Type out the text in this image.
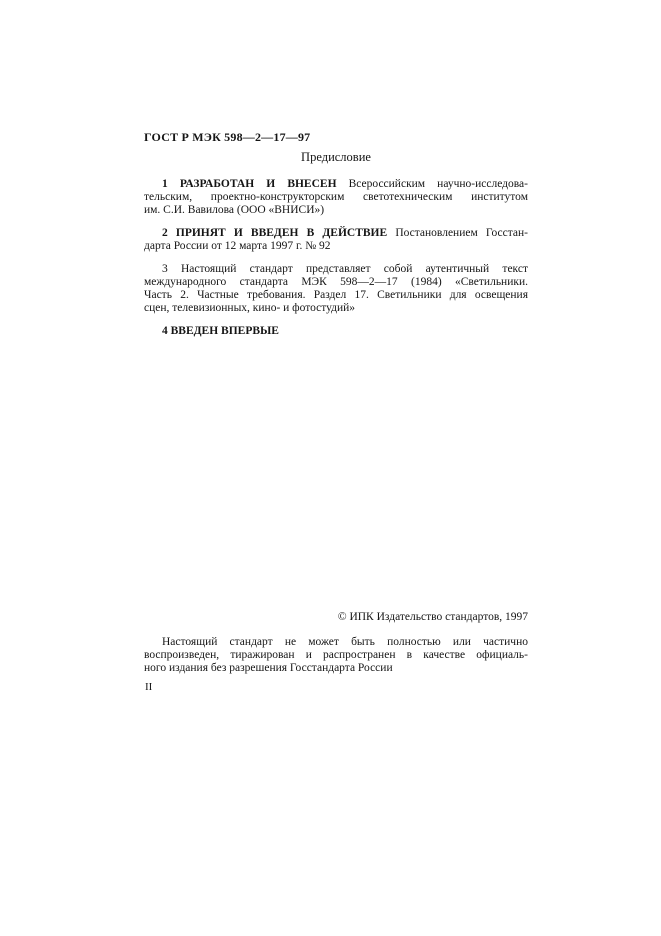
ГОСТ Р МЭК 598—2—17—97
Предисловие

1 РАЗРАБОТАН И ВНЕСЕН Всероссийским научно-исследова-
тельским, проектно-конструкторским светотехническим институтом
им. С.И. Вавилова (ООО «ВНИСИ»)

2 ПРИНЯТ И ВВЕДЕН В ДЕЙСТВИЕ Постановлением Госстан-
дарта России от 12 марта 1997 г. № 92

3 Настоящий стандарт представляет собой аутентичный текст
международного стандарта МЭК 598—2—17 (1984) «Светильники.
Часть 2. Частные требования. Раздел 17. Светильники для освещения
сцен, телевизионных, кино- и фотостудий»

4 ВВЕДЕН ВПЕРВЫЕ

© ИПК Издательство стандартов, 1997
Настоящий стандарт не может быть полностью или частично
воспроизведен, тиражирован и распространен в качестве официаль-
ного издания без разрешения Госстандарта России
II
